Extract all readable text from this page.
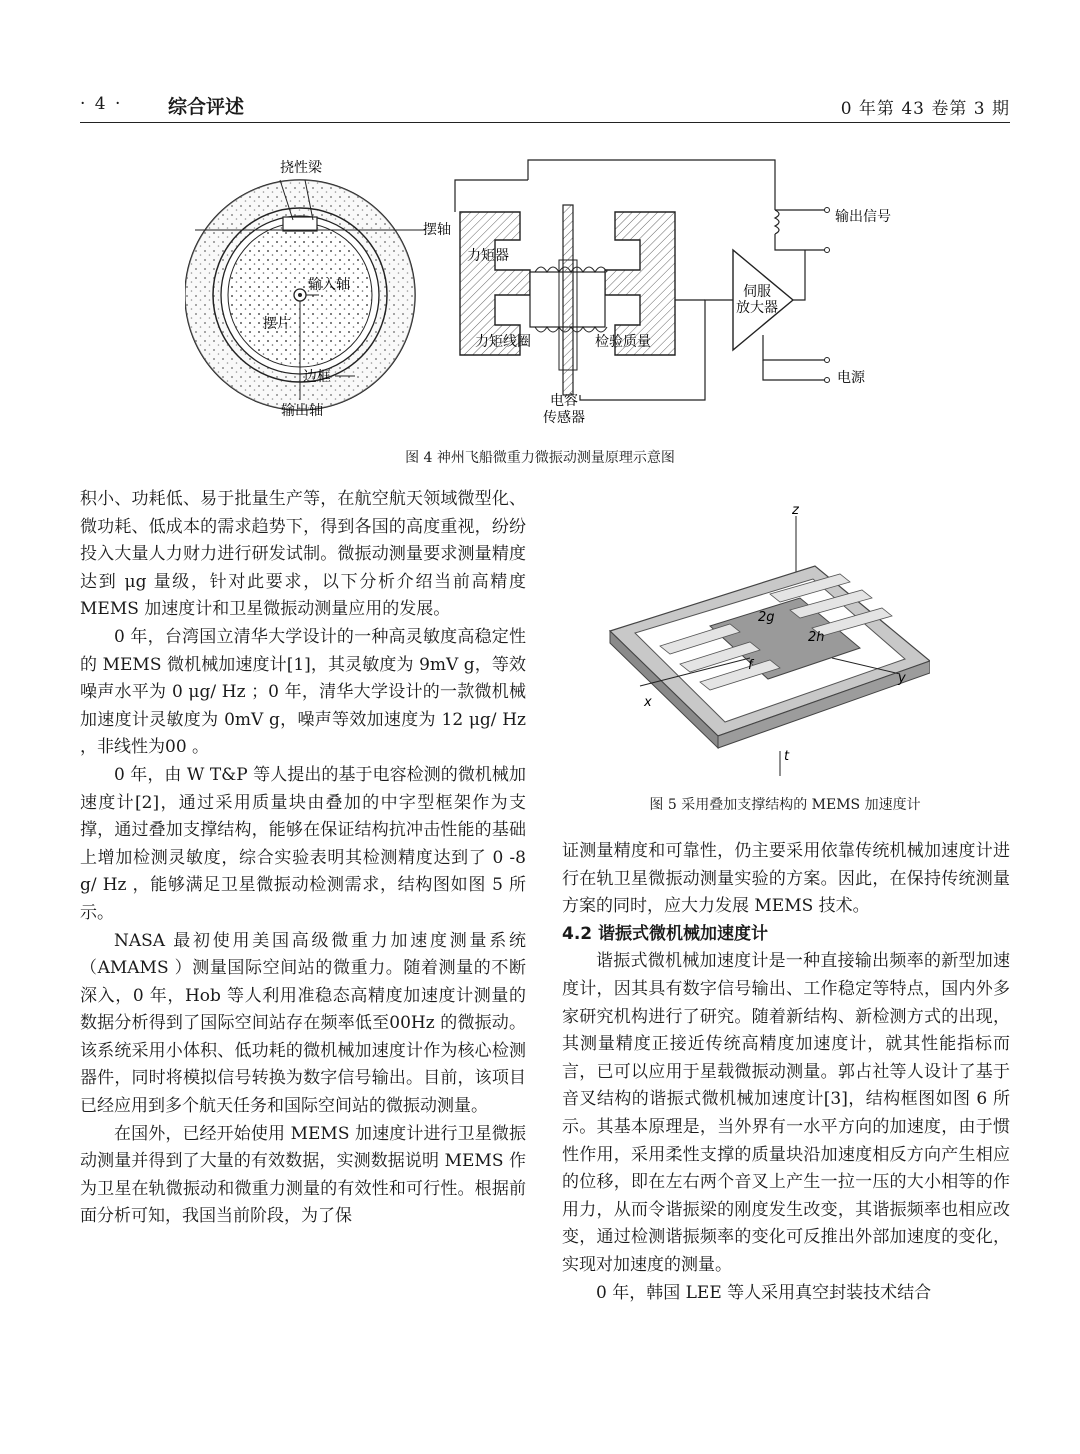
· 4 · 综合评述	0 年第 43 卷第 3 期
挠性梁
摆轴
输入轴
摆片
边框
输出轴
力矩器
力矩线圈	检验质量
电容
传感器
伺服
放大器
输出信号
电源
图 4 神州飞船微重力微振动测量原理示意图
z
x
y
2g
2h
f
t
图 5 采用叠加支撑结构的 MEMS 加速度计

积小、功耗低、易于批量生产等，在航空航天领域微型化、微功耗、低成本的需求趋势下，得到各国的高度重视，纷纷投入大量人力财力进行研发试制。微振动测量要求测量精度达到 μg 量级，针对此要求，以下分析介绍当前高精度 MEMS 加速度计和卫星微振动测量应用的发展。

0 年，台湾国立清华大学设计的一种高灵敏度高稳定性的 MEMS 微机械加速度计[1]，其灵敏度为 9mV g，等效噪声水平为 0 μg/ Hz ；0 年，清华大学设计的一款微机械加速度计灵敏度为 0mV g，噪声等效加速度为 12 μg/ Hz ，非线性为00 。

0 年，由 W T&P 等人提出的基于电容检测的微机械加速度计[2]，通过采用质量块由叠加的中字型框架作为支撑，通过叠加支撑结构，能够在保证结构抗冲击性能的基础上增加检测灵敏度，综合实验表明其检测精度达到了 0 -8 g/ Hz ，能够满足卫星微振动检测需求，结构图如图 5 所示。

NASA 最初使用美国高级微重力加速度测量系统（AMAMS ）测量国际空间站的微重力。随着测量的不断深入，0 年，Hob 等人利用准稳态高精度加速度计测量的数据分析得到了国际空间站存在频率低至00Hz 的微振动。该系统采用小体积、低功耗的微机械加速度计作为核心检测器件，同时将模拟信号转换为数字信号输出。目前，该项目已经应用到多个航天任务和国际空间站的微振动测量。

在国外，已经开始使用 MEMS 加速度计进行卫星微振动测量并得到了大量的有效数据，实测数据说明 MEMS 作为卫星在轨微振动和微重力测量的有效性和可行性。根据前面分析可知，我国当前阶段，为了保

证测量精度和可靠性，仍主要采用依靠传统机械加速度计进行在轨卫星微振动测量实验的方案。因此，在保持传统测量方案的同时，应大力发展 MEMS 技术。

4.2 谐振式微机械加速度计

谐振式微机械加速度计是一种直接输出频率的新型加速度计，因其具有数字信号输出、工作稳定等特点，国内外多家研究机构进行了研究。随着新结构、新检测方式的出现，其测量精度正接近传统高精度加速度计，就其性能指标而言，已可以应用于星载微振动测量。郭占社等人设计了基于音叉结构的谐振式微机械加速度计[3]，结构框图如图 6 所示。其基本原理是，当外界有一水平方向的加速度，由于惯性作用，采用柔性支撑的质量块沿加速度相反方向产生相应的位移，即在左右两个音叉上产生一拉一压的大小相等的作用力，从而令谐振梁的刚度发生改变，其谐振频率也相应改变，通过检测谐振频率的变化可反推出外部加速度的变化，实现对加速度的测量。

0 年，韩国 LEE 等人采用真空封装技术结合
